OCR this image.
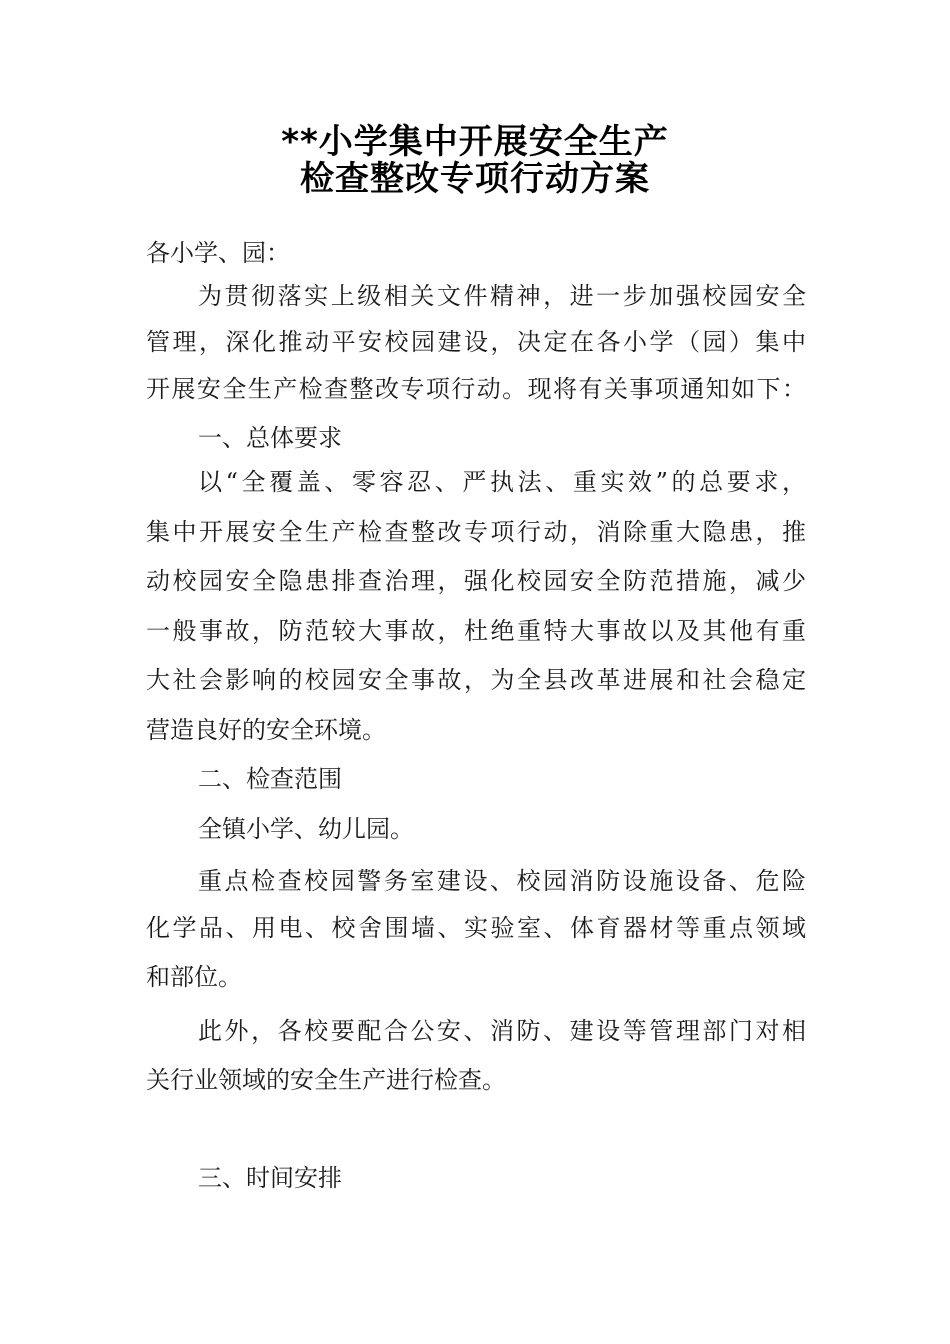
**小学集中开展安全生产
检查整改专项行动方案
各小学、园：
为贯彻落实上级相关文件精神，进一步加强校园安全
管理，深化推动平安校园建设，决定在各小学（园）集中
开展安全生产检查整改专项行动。现将有关事项通知如下：
一、总体要求
以“全覆盖、零容忍、严执法、重实效”的总要求，
集中开展安全生产检查整改专项行动，消除重大隐患，推
动校园安全隐患排查治理，强化校园安全防范措施，减少
一般事故，防范较大事故，杜绝重特大事故以及其他有重
大社会影响的校园安全事故，为全县改革进展和社会稳定
营造良好的安全环境。
二、检查范围
全镇小学、幼儿园。
重点检查校园警务室建设、校园消防设施设备、危险
化学品、用电、校舍围墙、实验室、体育器材等重点领域
和部位。
此外，各校要配合公安、消防、建设等管理部门对相
关行业领域的安全生产进行检查。
三、时间安排
